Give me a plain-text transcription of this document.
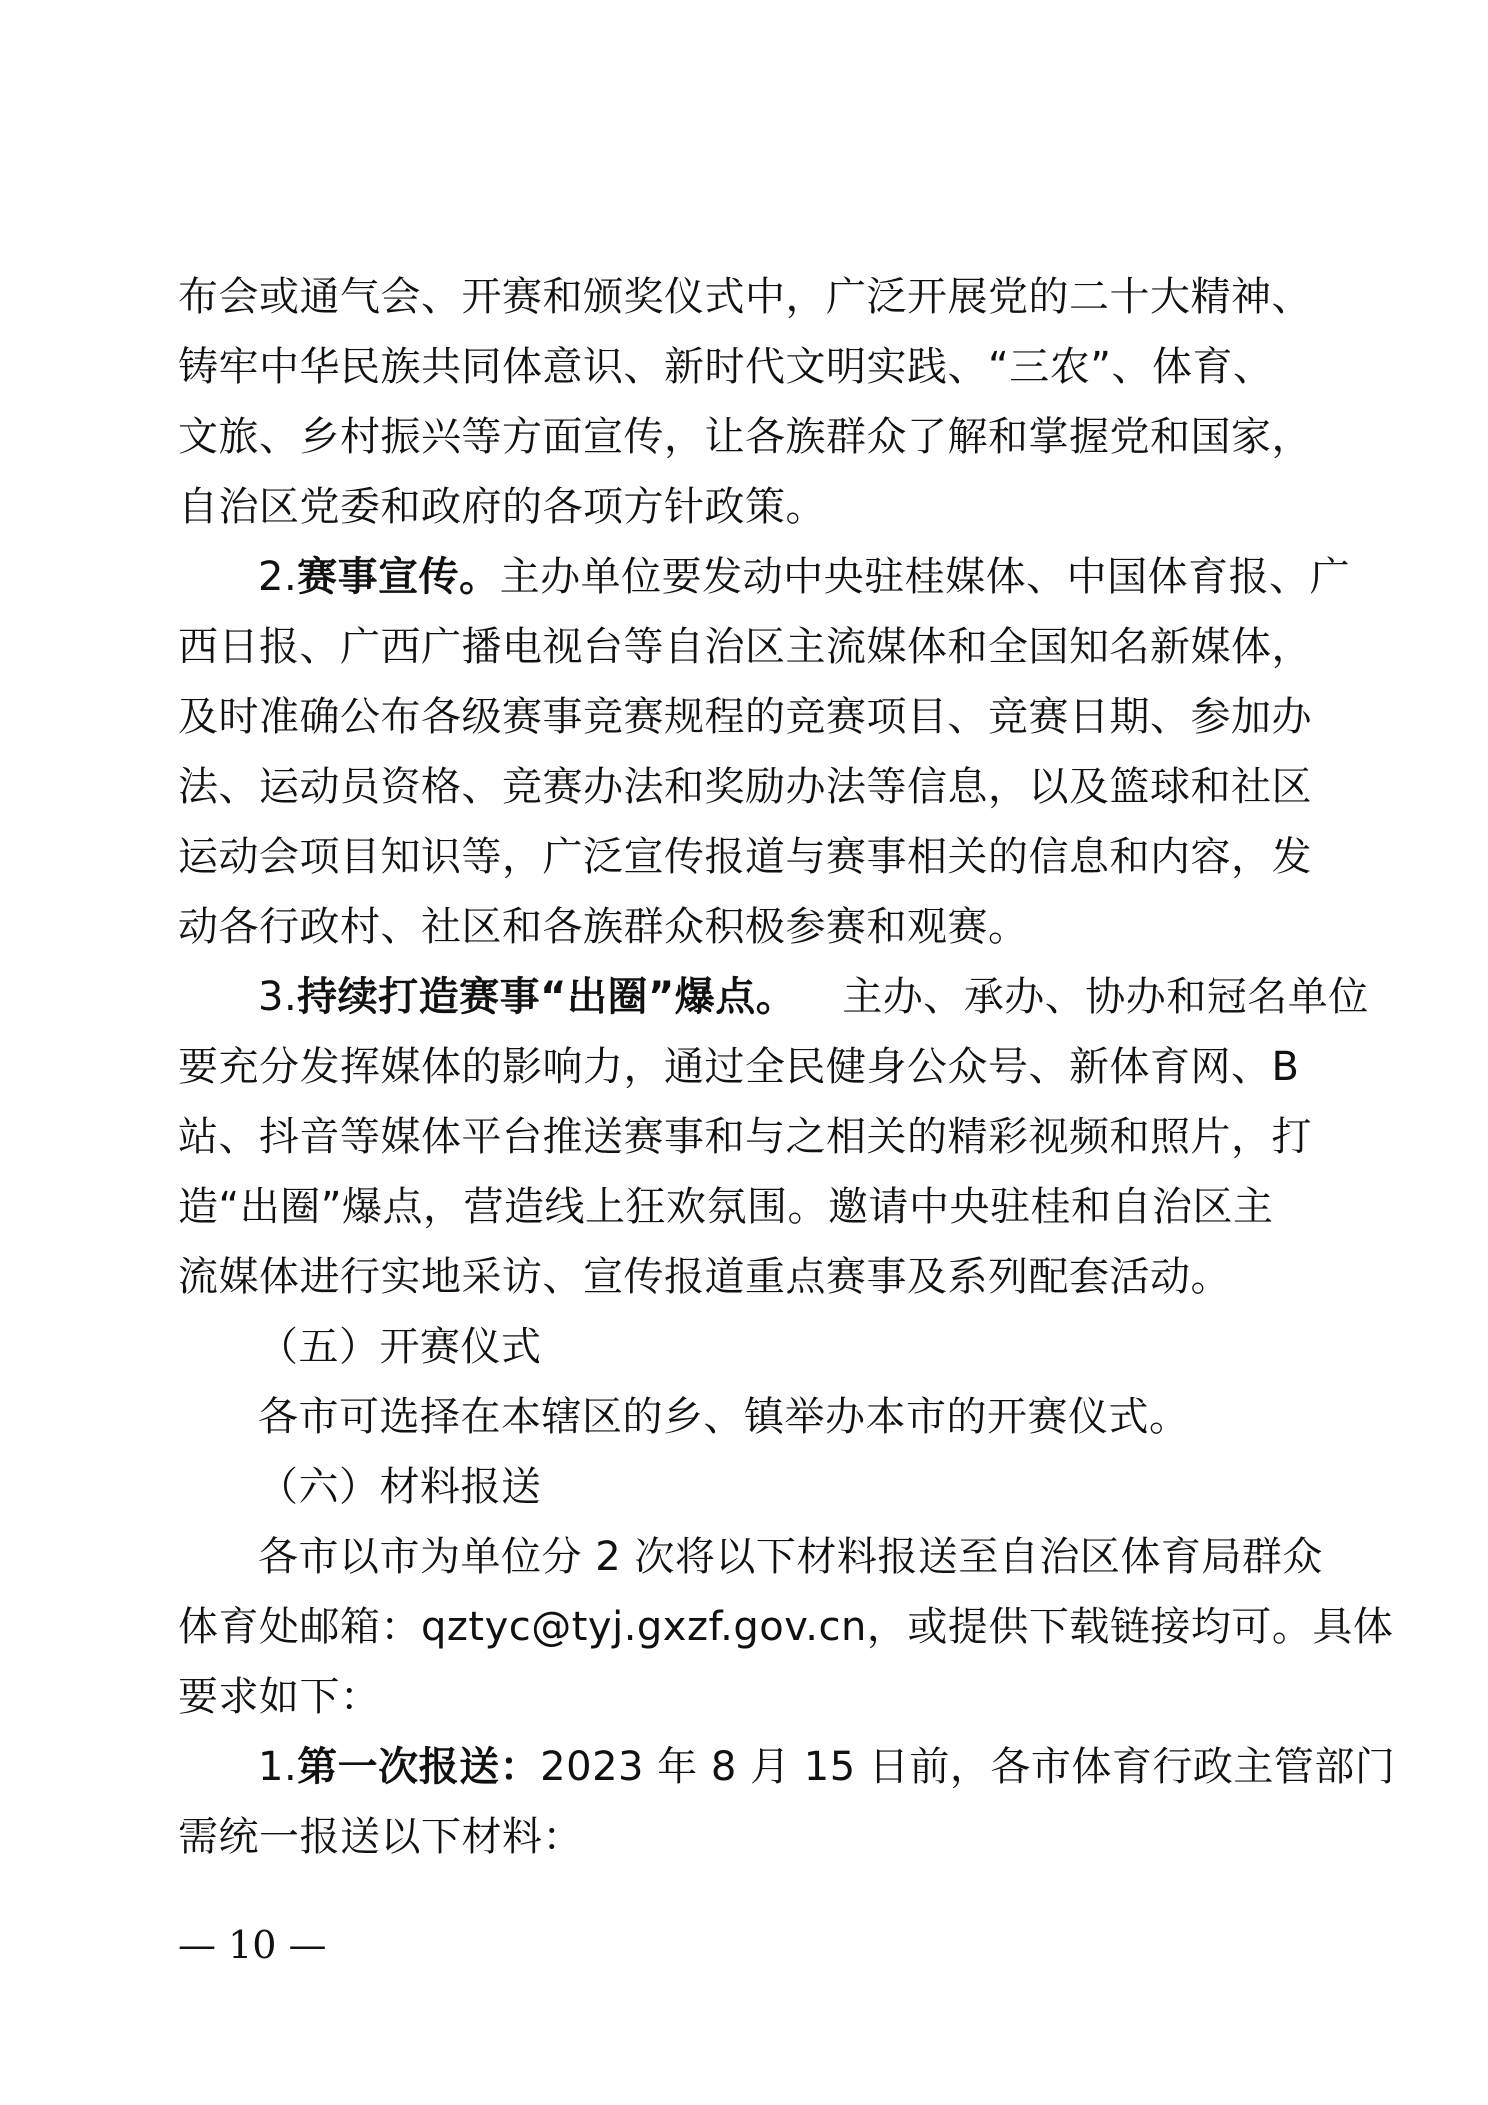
布会或通气会、开赛和颁奖仪式中，广泛开展党的二十大精神、
铸牢中华民族共同体意识、新时代文明实践、“三农”、体育、
文旅、乡村振兴等方面宣传，让各族群众了解和掌握党和国家，
自治区党委和政府的各项方针政策。
2.赛事宣传。主办单位要发动中央驻桂媒体、中国体育报、广
西日报、广西广播电视台等自治区主流媒体和全国知名新媒体，
及时准确公布各级赛事竞赛规程的竞赛项目、竞赛日期、参加办
法、运动员资格、竞赛办法和奖励办法等信息，以及篮球和社区
运动会项目知识等，广泛宣传报道与赛事相关的信息和内容，发
动各行政村、社区和各族群众积极参赛和观赛。
3.持续打造赛事“出圈”爆点。 主办、承办、协办和冠名单位
要充分发挥媒体的影响力，通过全民健身公众号、新体育网、B
站、抖音等媒体平台推送赛事和与之相关的精彩视频和照片，打
造“出圈”爆点，营造线上狂欢氛围。邀请中央驻桂和自治区主
流媒体进行实地采访、宣传报道重点赛事及系列配套活动。
（五）开赛仪式
各市可选择在本辖区的乡、镇举办本市的开赛仪式。
（六）材料报送
各市以市为单位分 2 次将以下材料报送至自治区体育局群众
体育处邮箱：qztyc@tyj.gxzf.gov.cn，或提供下载链接均可。具体
要求如下：
1.第一次报送：2023 年 8 月 15 日前，各市体育行政主管部门
需统一报送以下材料：
— 10 —
